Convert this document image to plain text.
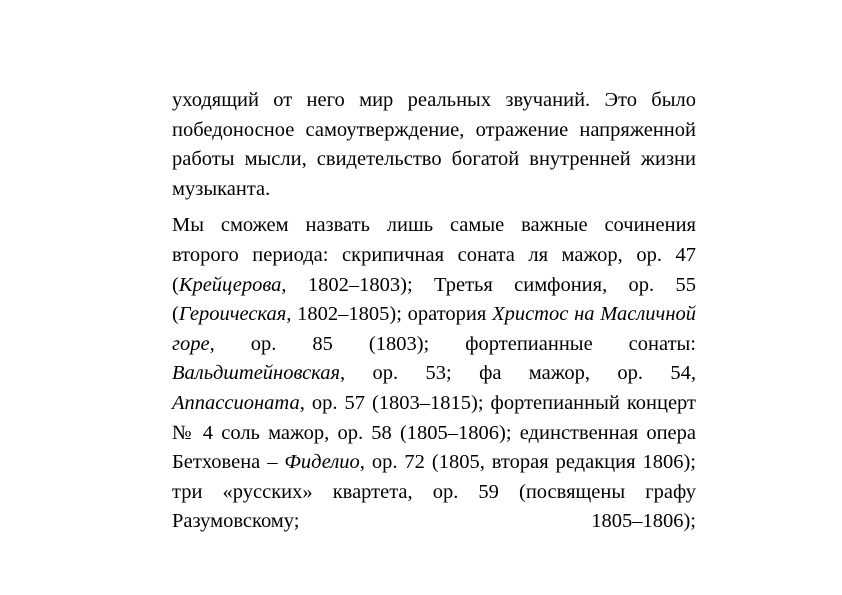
уходящий от него мир реальных звучаний. Это было победоносное самоутверждение, отражение напряженной работы мысли, свидетельство богатой внутренней жизни музыканта.

Мы сможем назвать лишь самые важные сочинения второго периода: скрипичная соната ля мажор, ор. 47 (Крейцерова, 1802–1803); Третья симфония, ор. 55 (Героическая, 1802–1805); оратория Христос на Масличной горе, ор. 85 (1803); фортепианные сонаты: Вальдштейновская, ор. 53; фа мажор, ор. 54, Аппассионата, ор. 57 (1803–1815); фортепианный концерт № 4 соль мажор, ор. 58 (1805–1806); единственная опера Бетховена – Фиделио, ор. 72 (1805, вторая редакция 1806); три «русских» квартета, ор. 59 (посвящены графу Разумовскому; 1805–1806);
